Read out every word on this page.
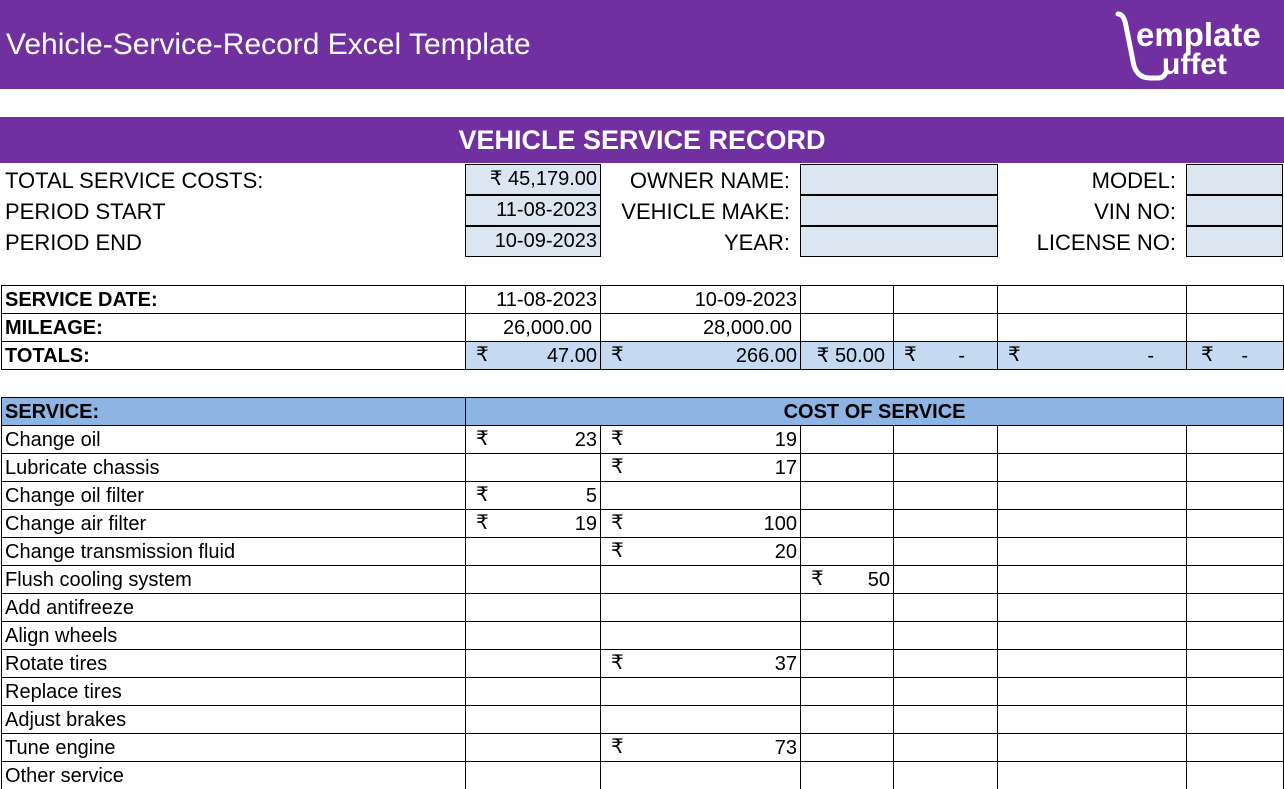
Vehicle-Service-Record Excel Template	emplate
uffet
VEHICLE SERVICE RECORD
TOTAL SERVICE COSTS:	₹ 45,179.00
PERIOD START	11-08-2023
PERIOD END	10-09-2023
OWNER NAME:
VEHICLE MAKE:
YEAR:
MODEL:
VIN NO:
LICENSE NO:
SERVICE DATE:	11-08-2023	10-09-2023				
MILEAGE:	26,000.00	28,000.00				
TOTALS:	₹ 47.00	₹ 266.00	₹ 50.00	₹ -	₹ -	₹ -
SERVICE:	COST OF SERVICE					
Change oil	₹ 23	₹ 19				
Lubricate chassis		₹ 17				
Change oil filter	₹ 5					
Change air filter	₹ 19	₹ 100				
Change transmission fluid		₹ 20				
Flush cooling system			₹ 50			
Add antifreeze						
Align wheels						
Rotate tires		₹ 37				
Replace tires						
Adjust brakes						
Tune engine		₹ 73				
Other service						
